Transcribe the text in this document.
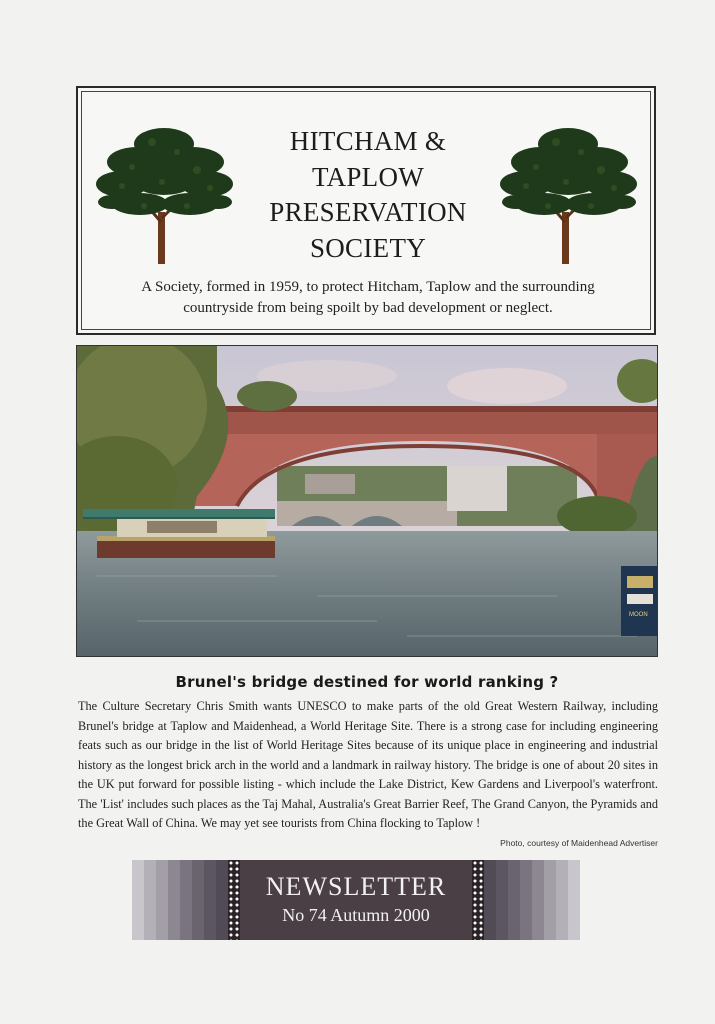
HITCHAM &
TAPLOW
PRESERVATION
SOCIETY
A Society, formed in 1959, to protect Hitcham, Taplow and the surrounding
countryside from being spoilt by bad development or neglect.
MOON
Brunel's bridge destined for world ranking ?
The Culture Secretary Chris Smith wants UNESCO to make parts of the old Great Western Railway, including Brunel's bridge at Taplow and Maidenhead, a World Heritage Site. There is a strong case for including engineering feats such as our bridge in the list of World Heritage Sites because of its unique place in engineering and industrial history as the longest brick arch in the world and a landmark in railway history. The bridge is one of about 20 sites in the UK put forward for possible listing - which include the Lake District, Kew Gardens and Liverpool's waterfront. The 'List' includes such places as the Taj Mahal, Australia's Great Barrier Reef, The Grand Canyon, the Pyramids and the Great Wall of China. We may yet see tourists from China flocking to Taplow !
Photo, courtesy of Maidenhead Advertiser
NEWSLETTER
No 74 Autumn 2000
